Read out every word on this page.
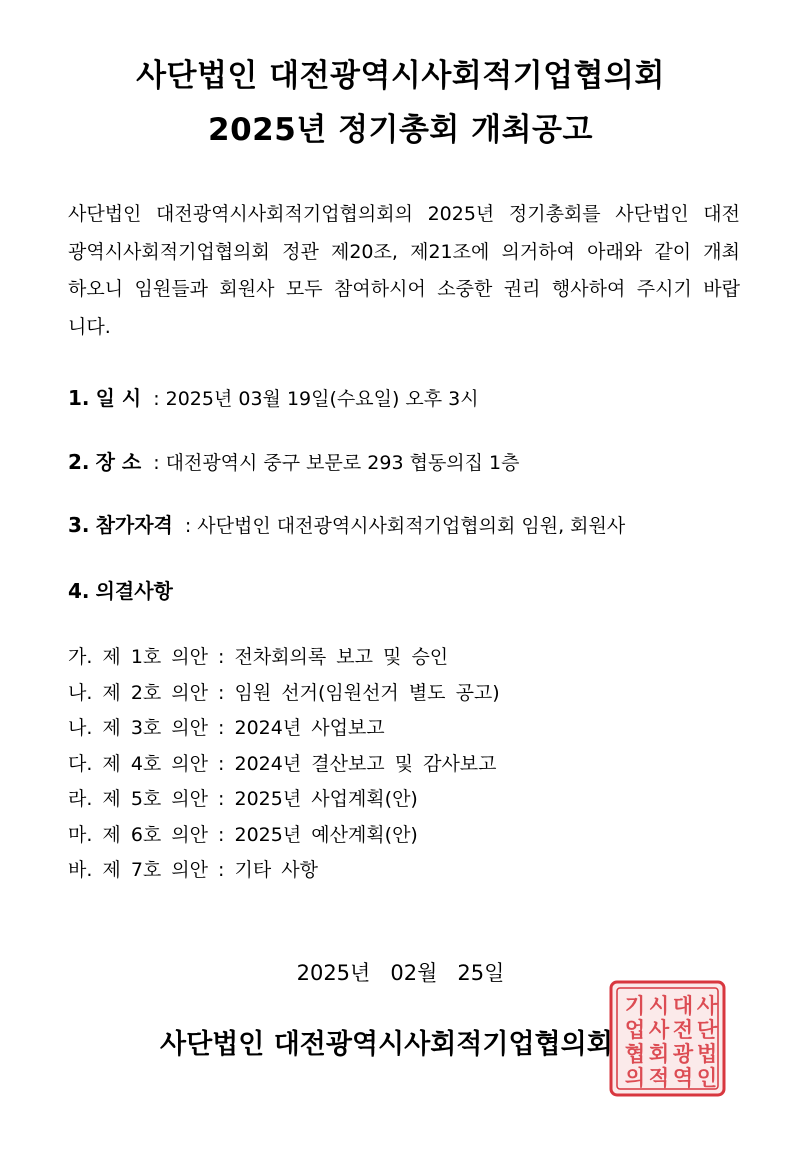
사단법인 대전광역시사회적기업협의회
2025년 정기총회 개최공고
사단법인 대전광역시사회적기업협의회의 2025년 정기총회를 사단법인 대전광역시사회적기업협의회 정관 제20조, 제21조에 의거하여 아래와 같이 개최하오니 임원들과 회원사 모두 참여하시어 소중한 권리 행사하여 주시기 바랍니다.
1. 일 시 : 2025년 03월 19일(수요일) 오후 3시
2. 장 소 : 대전광역시 중구 보문로 293 협동의집 1층
3. 참가자격 : 사단법인 대전광역시사회적기업협의회 임원, 회원사
4. 의결사항
가. 제 1호 의안 : 전차회의록 보고 및 승인
나. 제 2호 의안 : 임원 선거(임원선거 별도 공고)
나. 제 3호 의안 : 2024년 사업보고
다. 제 4호 의안 : 2024년 결산보고 및 감사보고
라. 제 5호 의안 : 2025년 사업계획(안)
마. 제 6호 의안 : 2025년 예산계획(안)
바. 제 7호 의안 : 기타 사항
2025년   02월   25일
사
단
법
인
대
전
광
역
시
사
회
적
기
업
협
의
사단법인 대전광역시사회적기업협의회
